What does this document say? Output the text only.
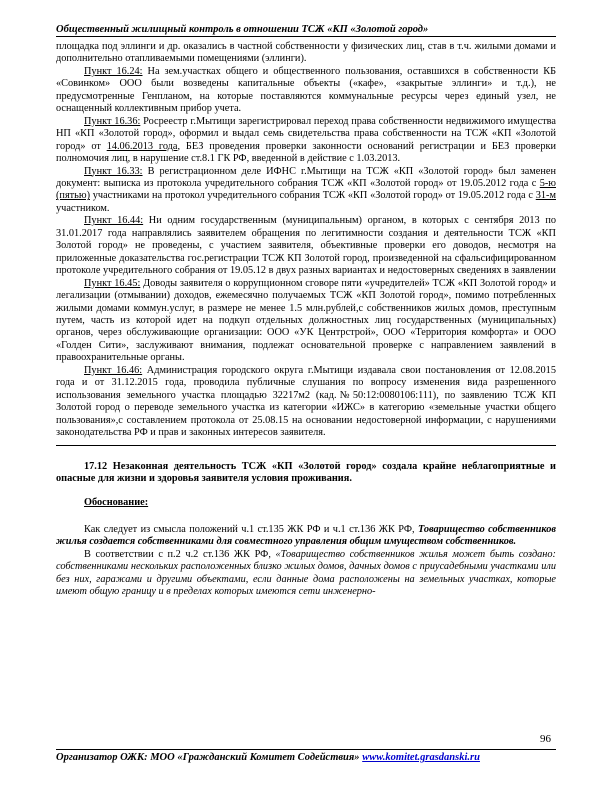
Общественный жилищный контроль в отношении ТСЖ «КП «Золотой город»

площадка под эллинги и др. оказались в частной собственности у физических лиц, став в т.ч. жилыми домами и дополнительно отапливаемыми помещениями (эллинги).

Пункт 16.24: На зем.участках общего и общественного пользования, оставшихся в собственности КБ «Совинком» ООО были возведены капитальные объекты («кафе», «закрытые эллинги» и т.д.), не предусмотренные Генпланом, на которые поставляются коммунальные ресурсы через единый узел, не оснащенный коллективным прибор учета.

Пункт 16.36: Росреестр г.Мытищи зарегистрировал переход права собственности недвижимого имущества НП «КП «Золотой город», оформил и выдал семь свидетельства права собственности на ТСЖ «КП «Золотой город» от 14.06.2013 года, БЕЗ проведения проверки законности оснований регистрации и БЕЗ проверки полномочия лиц, в нарушение ст.8.1 ГК РФ, введенной в действие с 1.03.2013.

Пункт 16.33: В регистрационном деле ИФНС г.Мытищи на ТСЖ «КП «Золотой город» был заменен документ: выписка из протокола учредительного собрания ТСЖ «КП «Золотой город» от 19.05.2012 года с 5-ю (пятью) участниками на протокол учредительного собрания ТСЖ «КП «Золотой город» от 19.05.2012 года с 31-м участником.

Пункт 16.44: Ни одним государственным (муниципальным) органом, в которых с сентября 2013 по 31.01.2017 года направлялись заявителем обращения по легитимности создания и деятельности ТСЖ «КП Золотой город» не проведены, с участием заявителя, объективные проверки его доводов, несмотря на приложенные доказательства гос.регистрации ТСЖ КП Золотой город, произведенной на сфальсифицированном протоколе учредительного собрания от 19.05.12 в двух разных вариантах и недостоверных сведениях в заявлении

Пункт 16.45: Доводы заявителя о коррупционном сговоре пяти «учредителей» ТСЖ «КП Золотой город» и легализации (отмывании) доходов, ежемесячно получаемых ТСЖ «КП Золотой город», помимо потребленных жилыми домами коммун.услуг, в размере не менее 1.5 млн.рублей,с собственников жилых домов, преступным путем, часть из которой идет на подкуп отдельных должностных лиц государственных (муниципальных) органов, через обслуживающие организации: ООО «УК Центрстрой», ООО «Территория комфорта» и ООО «Голден Сити», заслуживают внимания, подлежат основательной проверке с направлением заявлений в правоохранительные органы.

Пункт 16.46: Администрация городского округа г.Мытищи издавала свои постановления от 12.08.2015 года и от 31.12.2015 года, проводила публичные слушания по вопросу изменения вида разрешенного использования земельного участка площадью 32217м2 (кад.№50:12:0080106:111), по заявлению ТСЖ КП Золотой город о переводе земельного участка из категории «ИЖС» в категорию «земельные участки общего пользования»,с составлением протокола от 25.08.15 на основании недостоверной информации, с нарушениями законодательства РФ и прав и законных интересов заявителя.

17.12 Незаконная деятельность ТСЖ «КП «Золотой город» создала крайне неблагоприятные и опасные для жизни и здоровья заявителя условия проживания.

Обоснование:

Как следует из смысла положений ч.1 ст.135 ЖК РФ и ч.1 ст.136 ЖК РФ, Товарищество собственников жилья создается собственниками для совместного управления общим имуществом собственников.

В соответствии с п.2 ч.2 ст.136 ЖК РФ, «Товарищество собственников жилья может быть создано: собственниками нескольких расположенных близко жилых домов, дачных домов с приусадебными участками или без них, гаражами и другими объектами, если данные дома расположены на земельных участках, которые имеют общую границу и в пределах которых имеются сети инженерно-

96
Организатор ОЖК: МОО «Гражданский Комитет Содействия» www.komitet.grasdanski.ru
